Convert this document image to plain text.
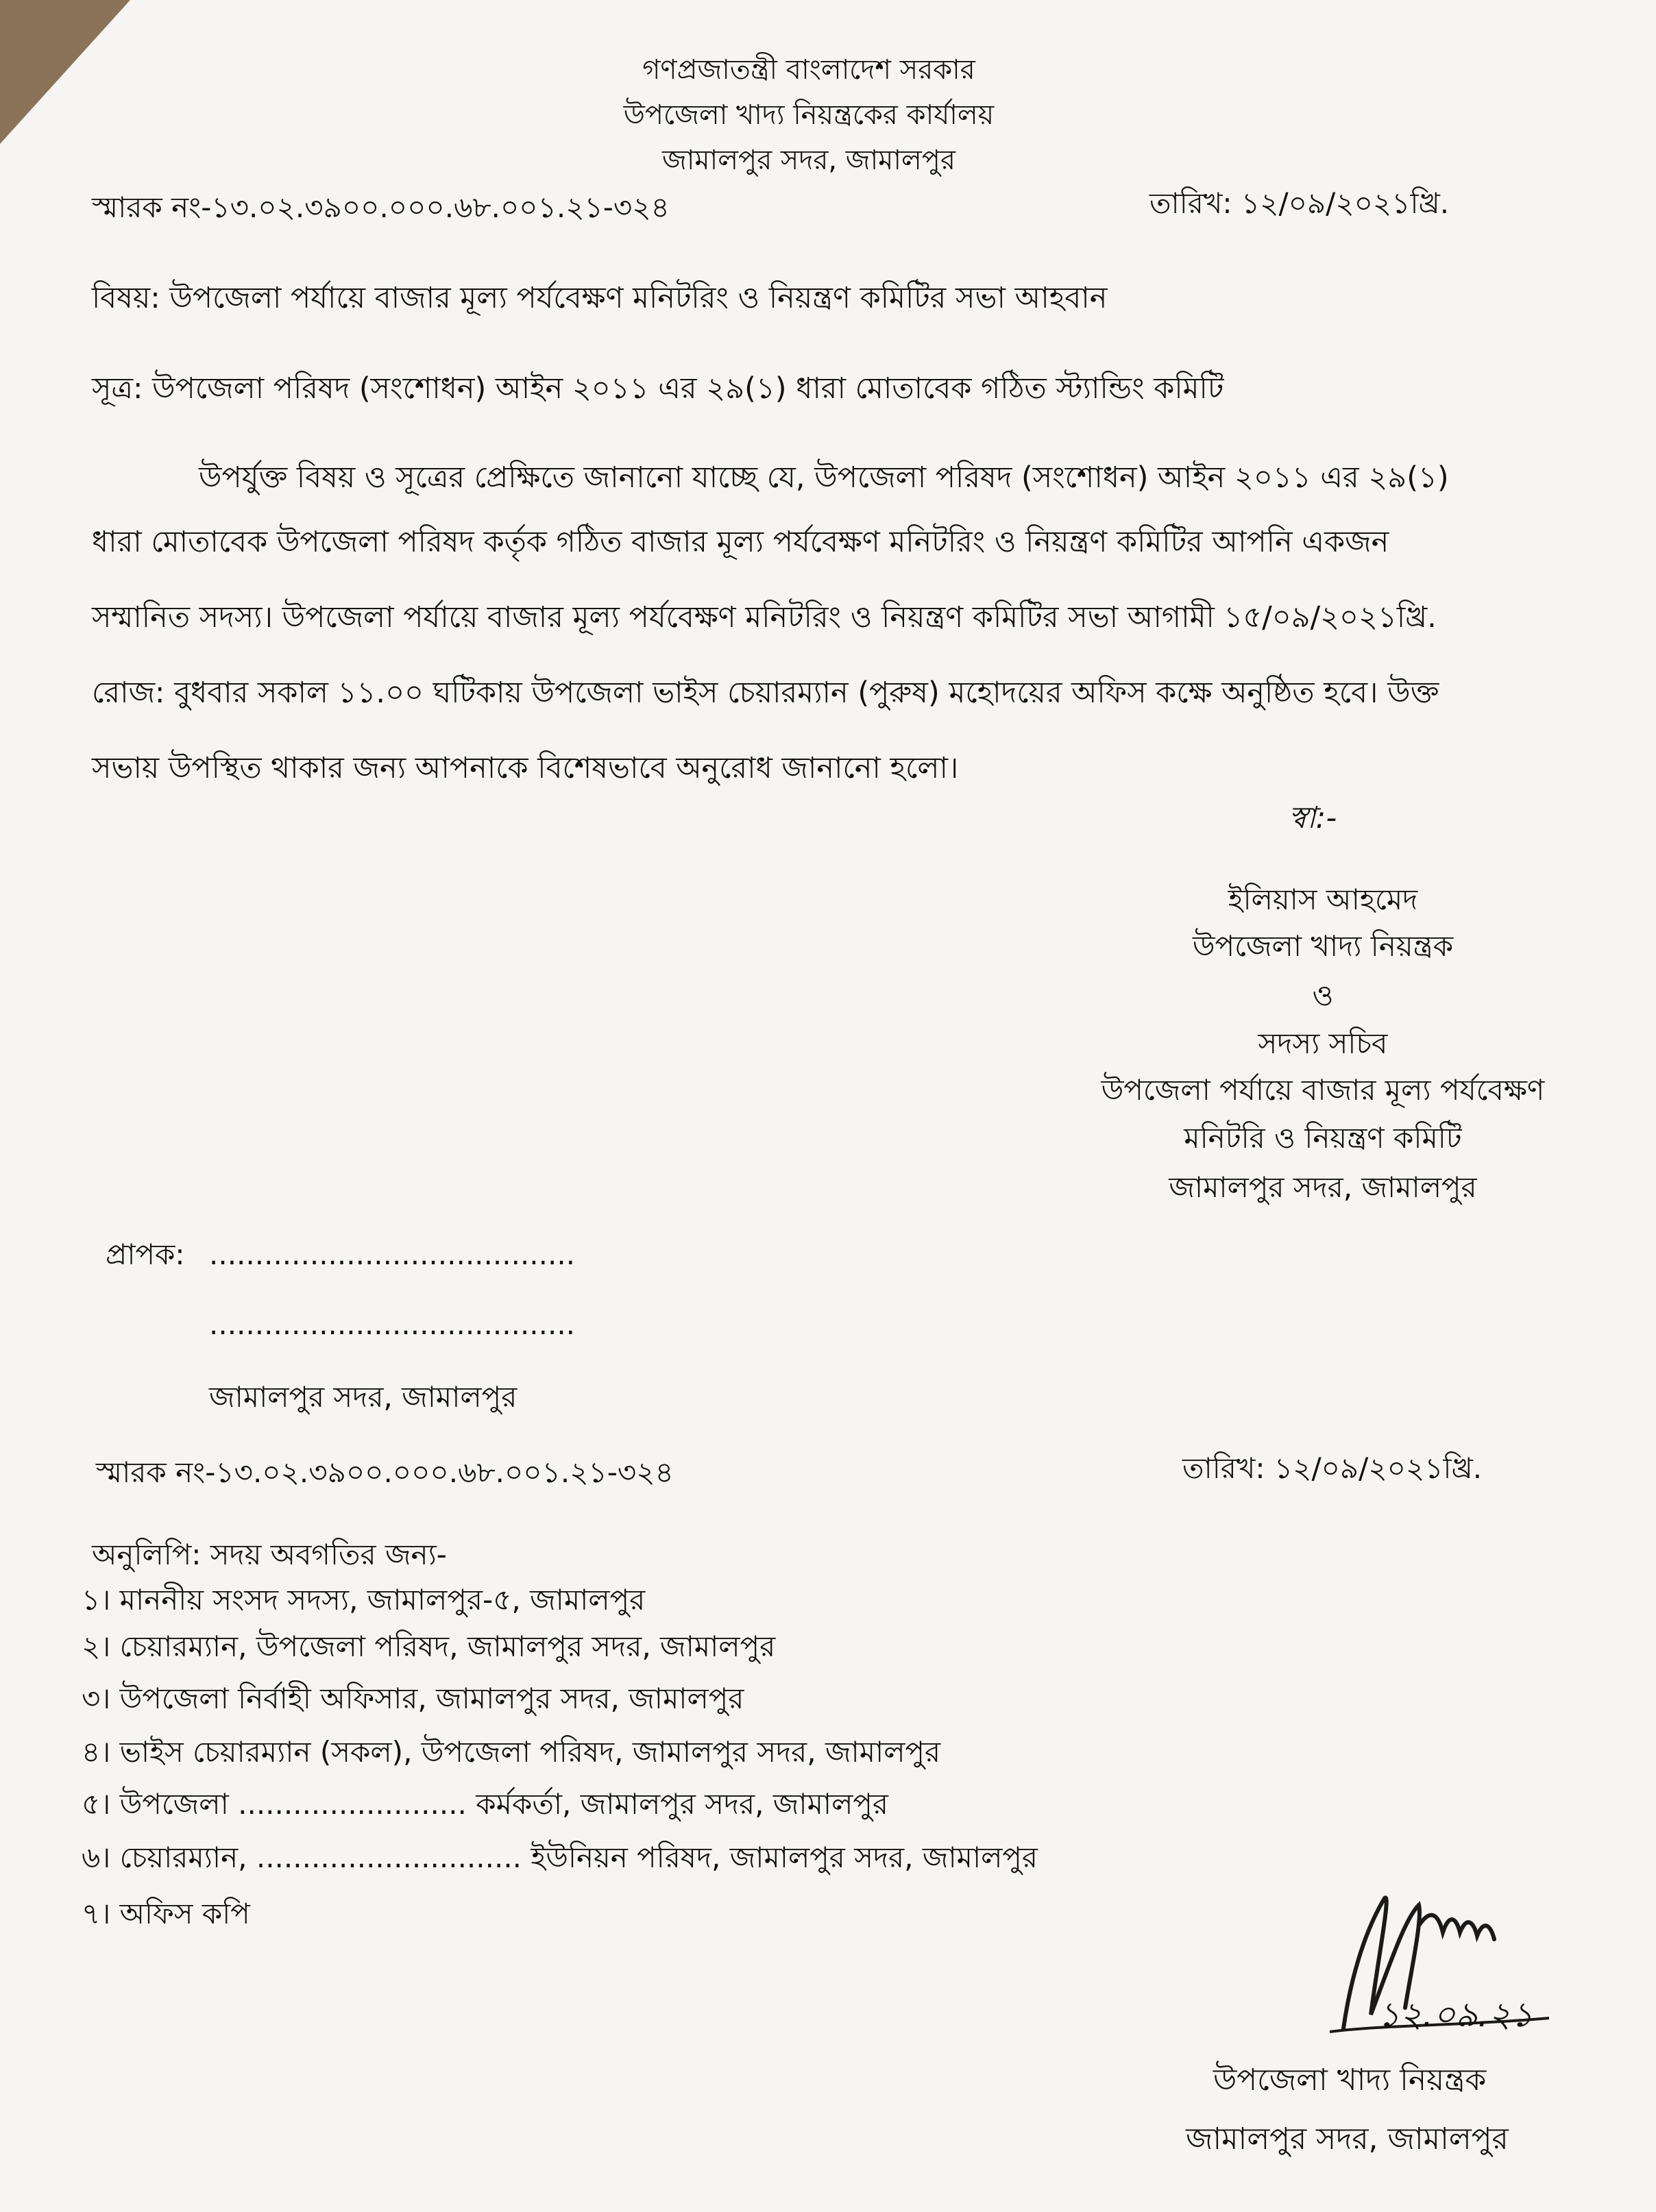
গণপ্রজাতন্ত্রী বাংলাদেশ সরকার
উপজেলা খাদ্য নিয়ন্ত্রকের কার্যালয়
জামালপুর সদর, জামালপুর
স্মারক নং-১৩.০২.৩৯০০.০০০.৬৮.০০১.২১-৩২৪	তারিখ: ১২/০৯/২০২১খ্রি.
বিষয়: উপজেলা পর্যায়ে বাজার মূল্য পর্যবেক্ষণ মনিটরিং ও নিয়ন্ত্রণ কমিটির সভা আহবান
সূত্র: উপজেলা পরিষদ (সংশোধন) আইন ২০১১ এর ২৯(১) ধারা মোতাবেক গঠিত স্ট্যান্ডিং কমিটি
উপর্যুক্ত বিষয় ও সূত্রের প্রেক্ষিতে জানানো যাচ্ছে যে, উপজেলা পরিষদ (সংশোধন) আইন ২০১১ এর ২৯(১)
ধারা মোতাবেক উপজেলা পরিষদ কর্তৃক গঠিত বাজার মূল্য পর্যবেক্ষণ মনিটরিং ও নিয়ন্ত্রণ কমিটির আপনি একজন
সম্মানিত সদস্য। উপজেলা পর্যায়ে বাজার মূল্য পর্যবেক্ষণ মনিটরিং ও নিয়ন্ত্রণ কমিটির সভা আগামী ১৫/০৯/২০২১খ্রি.
রোজ: বুধবার সকাল ১১.০০ ঘটিকায় উপজেলা ভাইস চেয়ারম্যান (পুরুষ) মহোদয়ের অফিস কক্ষে অনুষ্ঠিত হবে। উক্ত
সভায় উপস্থিত থাকার জন্য আপনাকে বিশেষভাবে অনুরোধ জানানো হলো।
স্বা:-
ইলিয়াস আহমেদ
উপজেলা খাদ্য নিয়ন্ত্রক
ও
সদস্য সচিব
উপজেলা পর্যায়ে বাজার মূল্য পর্যবেক্ষণ
মনিটরি ও নিয়ন্ত্রণ কমিটি
জামালপুর সদর, জামালপুর
প্রাপক: ........................................
........................................
জামালপুর সদর, জামালপুর
স্মারক নং-১৩.০২.৩৯০০.০০০.৬৮.০০১.২১-৩২৪	তারিখ: ১২/০৯/২০২১খ্রি.
অনুলিপি: সদয় অবগতির জন্য-
১। মাননীয় সংসদ সদস্য, জামালপুর-৫, জামালপুর
২। চেয়ারম্যান, উপজেলা পরিষদ, জামালপুর সদর, জামালপুর
৩। উপজেলা নির্বাহী অফিসার, জামালপুর সদর, জামালপুর
৪। ভাইস চেয়ারম্যান (সকল), উপজেলা পরিষদ, জামালপুর সদর, জামালপুর
৫। উপজেলা ......................... কর্মকর্তা, জামালপুর সদর, জামালপুর
৬। চেয়ারম্যান, ............................. ইউনিয়ন পরিষদ, জামালপুর সদর, জামালপুর
৭। অফিস কপি
১২.০৯.২১
উপজেলা খাদ্য নিয়ন্ত্রক
জামালপুর সদর, জামালপুর
